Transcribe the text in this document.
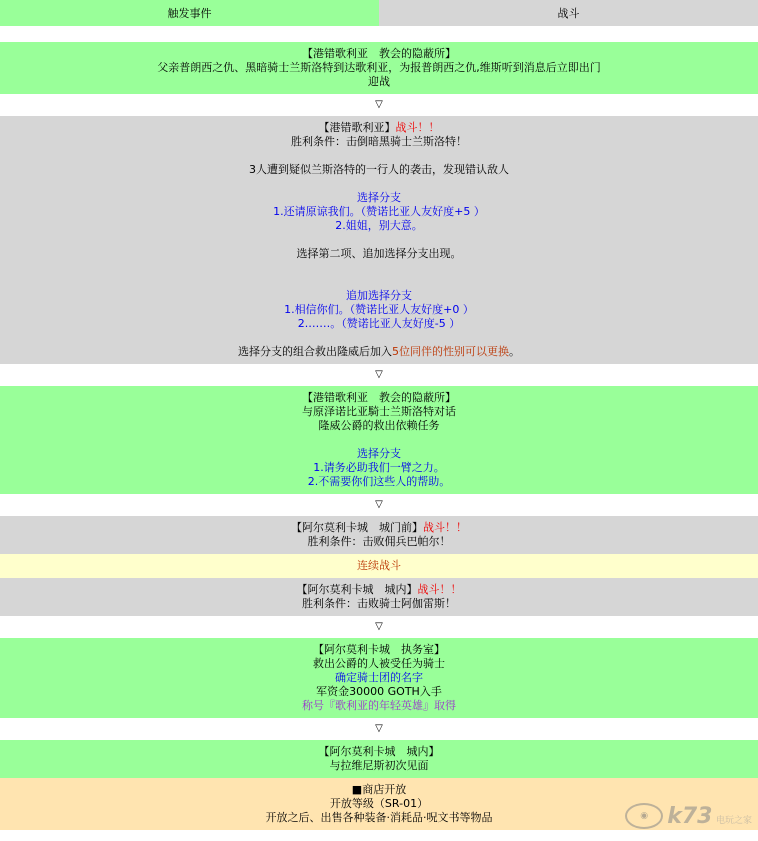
触发事件	战斗
【港错歌利亚　教会的隐蔽所】
父亲普朗西之仇、黑暗骑士兰斯洛特到达歌利亚，为报普朗西之仇,维斯听到消息后立即出门
迎战
▽
【港错歌利亚】战斗！！
胜利条件：击倒暗黑骑士兰斯洛特！
3人遭到疑似兰斯洛特的一行人的袭击，发现错认敌人
选择分支
1.还请原谅我们。（赞诺比亚人友好度+5 ）
2.姐姐，别大意。
选择第二项、追加选择分支出现。
追加选择分支
1.相信你们。（赞诺比亚人友好度+0 ）
2.……。（赞诺比亚人友好度-5 ）
选择分支的组合救出隆威后加入5位同伴的性别可以更换。
▽
【港错歌利亚　教会的隐蔽所】
与原泽诺比亚騎士兰斯洛特对话
隆威公爵的救出依赖任务
选择分支
1.请务必助我们一臂之力。
2.不需要你们这些人的帮助。
▽
【阿尔莫利卡城　城门前】战斗！！
胜利条件：击败佣兵巴帕尔！
连续战斗
【阿尔莫利卡城　城内】战斗！！
胜利条件：击败骑士阿伽雷斯！
▽
【阿尔莫利卡城　执务室】
救出公爵的人被受任为骑士
确定骑士团的名字
军资金30000 GOTH入手
称号『歌利亚的年轻英雄』取得
▽
【阿尔莫利卡城　城内】
与拉维尼斯初次见面
■商店开放
开放等级（SR-01）
开放之后、出售各种装备·消耗品·呪文书等物品	◉ k73 电玩之家
